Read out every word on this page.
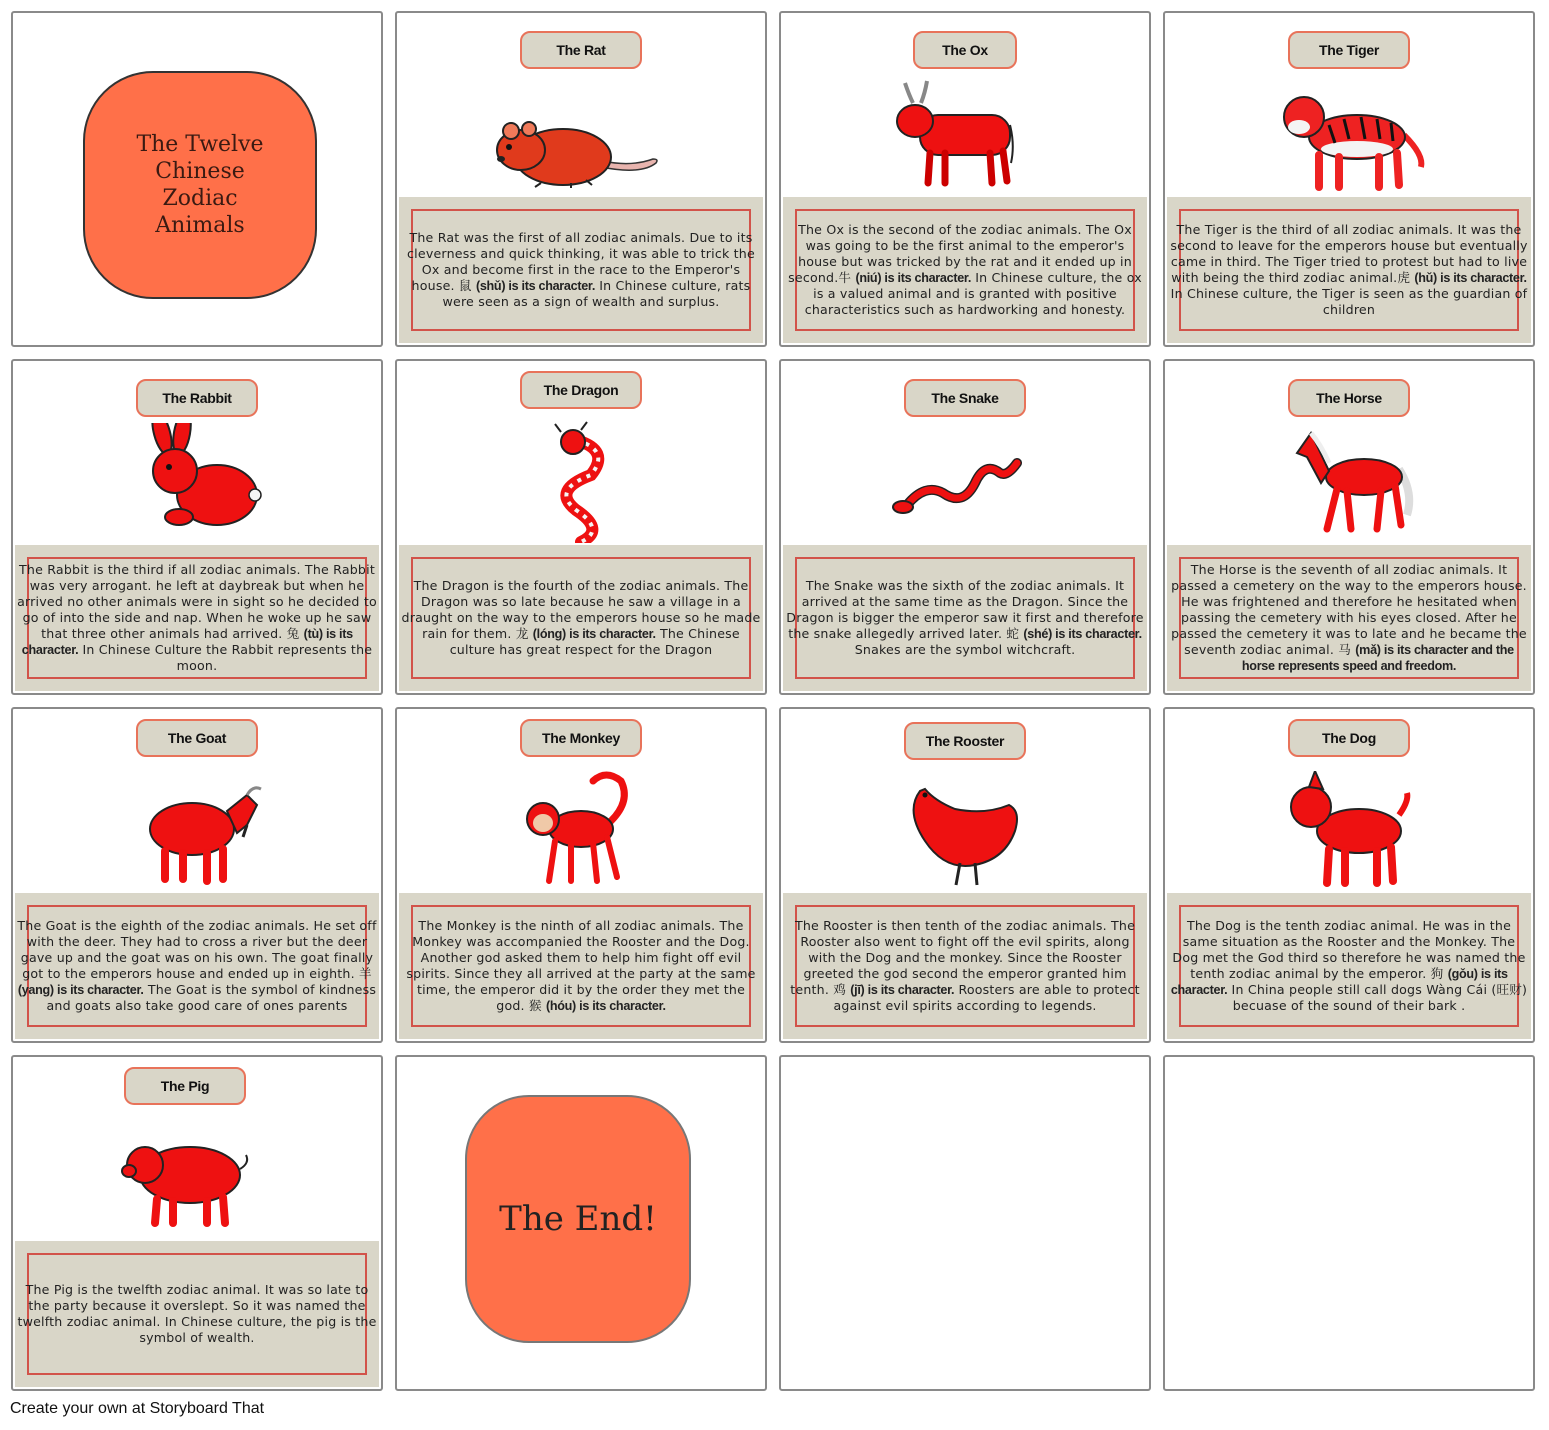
The Twelve Chinese Zodiac Animals
The Rat
The Rat was the first of all zodiac animals. Due to its cleverness and quick thinking, it was able to trick the Ox and become first in the race to the Emperor's house. 鼠 (shǔ) is its character. In Chinese culture, rats were seen as a sign of wealth and surplus.
The Ox
The Ox is the second of the zodiac animals. The Ox was going to be the first animal to the emperor's house but was tricked by the rat and it ended up in second.牛 (niú) is its character. In Chinese culture, the ox is a valued animal and is granted with positive characteristics such as hardworking and honesty.
The Tiger
The Tiger is the third of all zodiac animals. It was the second to leave for the emperors house but eventually came in third. The Tiger tried to protest but had to live with being the third zodiac animal.虎 (hǔ) is its character. In Chinese culture, the Tiger is seen as the guardian of children
The Rabbit
The Rabbit is the third if all zodiac animals. The Rabbit was very arrogant. he left at daybreak but when he arrived no other animals were in sight so he decided to go of into the side and nap. When he woke up he saw that three other animals had arrived. 兔 (tù) is its character. In Chinese Culture the Rabbit represents the moon.
The Dragon
The Dragon is the fourth of the zodiac animals. The Dragon was so late because he saw a village in a draught on the way to the emperors house so he made rain for them. 龙 (lóng) is its character. The Chinese culture has great respect for the Dragon
The Snake
The Snake was the sixth of the zodiac animals. It arrived at the same time as the Dragon. Since the Dragon is bigger the emperor saw it first and therefore the snake allegedly arrived later. 蛇 (shé) is its character. Snakes are the symbol witchcraft.
The Horse
The Horse is the seventh of all zodiac animals. It passed a cemetery on the way to the emperors house. He was frightened and therefore he hesitated when passing the cemetery with his eyes closed. After he passed the cemetery it was to late and he became the seventh zodiac animal. 马 (mǎ) is its character and the horse represents speed and freedom.
The Goat
The Goat is the eighth of the zodiac animals. He set off with the deer. They had to cross a river but the deer gave up and the goat was on his own. The goat finally got to the emperors house and ended up in eighth. 羊 (yang) is its character. The Goat is the symbol of kindness and goats also take good care of ones parents
The Monkey
The Monkey is the ninth of all zodiac animals. The Monkey was accompanied the Rooster and the Dog. Another god asked them to help him fight off evil spirits. Since they all arrived at the party at the same time, the emperor did it by the order they met the god. 猴 (hóu) is its character.
The Rooster
The Rooster is then tenth of the zodiac animals. The Rooster also went to fight off the evil spirits, along with the Dog and the monkey. Since the Rooster greeted the god second the emperor granted him tenth. 鸡 (jī) is its character. Roosters are able to protect against evil spirits according to legends.
The Dog
The Dog is the tenth zodiac animal. He was in the same situation as the Rooster and the Monkey. The Dog met the God third so therefore he was named the tenth zodiac animal by the emperor. 狗 (gǒu) is its character. In China people still call dogs Wàng Cái (旺财) becuase of the sound of their bark .
The Pig
The Pig is the twelfth zodiac animal. It was so late to the party because it overslept. So it was named the twelfth zodiac animal. In Chinese culture, the pig is the symbol of wealth.
The End!
Create your own at Storyboard That
